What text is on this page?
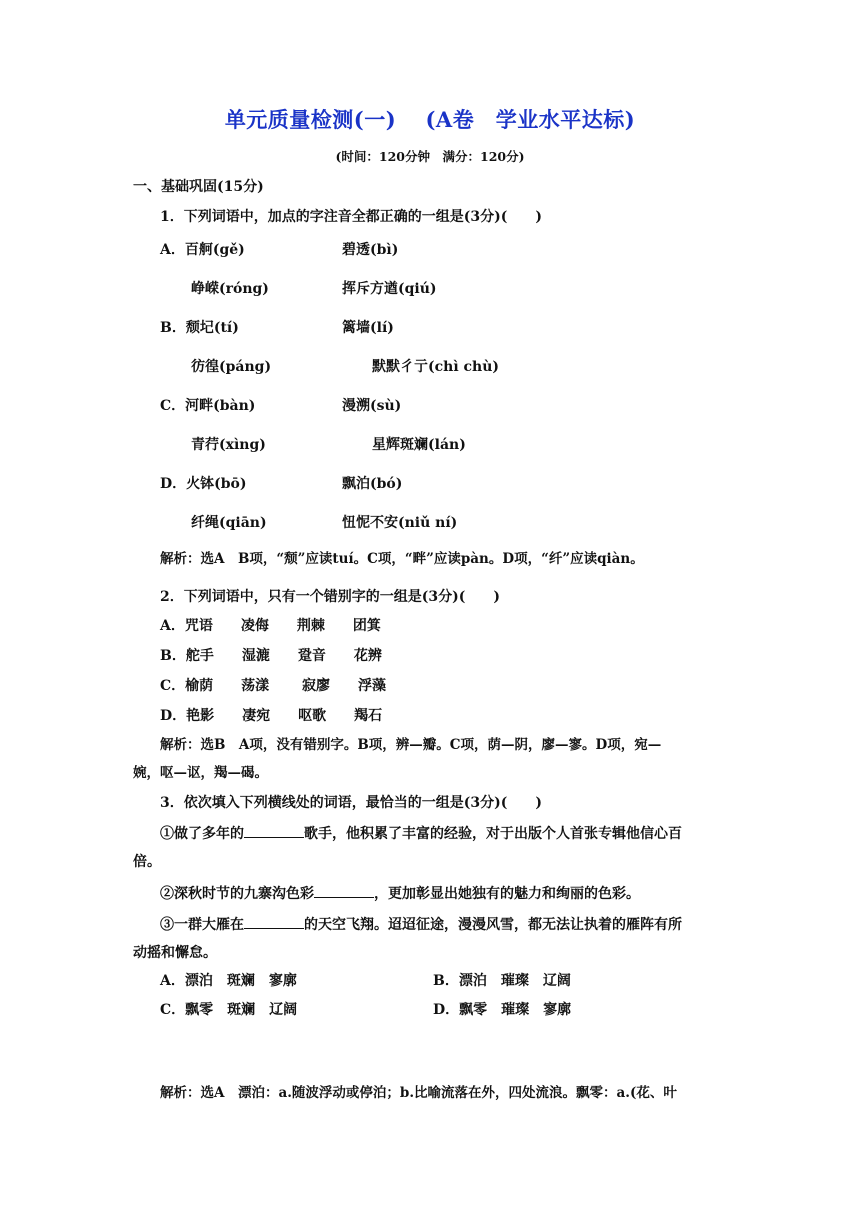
单元质量检测(一)　 (A卷　学业水平达标)
(时间：120分钟　满分：120分)
一、基础巩固(15分)
1．下列词语中，加点的字注音全都正确的一组是(3分)(　　)
A．百舸(gě)	碧透(bì)
峥嵘(róng)	挥斥方遒(qiú)
B．颓圮(tí)	篱墙(lí)
彷徨(páng)	默默彳亍(chì chù)
C．河畔(bàn)	漫溯(sù)
青荇(xìng)	星辉斑斓(lán)
D．火钵(bō)	飘泊(bó)
纤绳(qiān)	忸怩不安(niǔ ní)
解析：选A　B项，“颓”应读tuí。C项，“畔”应读pàn。D项，“纤”应读qiàn。
2．下列词语中，只有一个错别字的一组是(3分)(　　)
A．咒语　　凌侮　　荆棘　　团箕
B．舵手　　湿漉　　跫音　　花辨
C．榆荫　　荡漾　　 寂廖　　浮藻
D．艳影　　凄宛　　呕歌　　羯石
解析：选B　A项，没有错别字。B项，辨—瓣。C项，荫—阴，廖—寥。D项，宛—
婉，呕—讴，羯—碣。
3．依次填入下列横线处的词语，最恰当的一组是(3分)(　　)
①做了多年的	歌手，他积累了丰富的经验，对于出版个人首张专辑他信心百
倍。
②深秋时节的九寨沟色彩	，更加彰显出她独有的魅力和绚丽的色彩。
③一群大雁在	的天空飞翔。迢迢征途，漫漫风雪，都无法让执着的雁阵有所
动摇和懈怠。
A．漂泊　斑斓　寥廓	B．漂泊　璀璨　辽阔
C．飘零　斑斓　辽阔	D．飘零　璀璨　寥廓
解析：选A　漂泊：a.随波浮动或停泊；b.比喻流落在外，四处流浪。飘零：a.(花、叶
